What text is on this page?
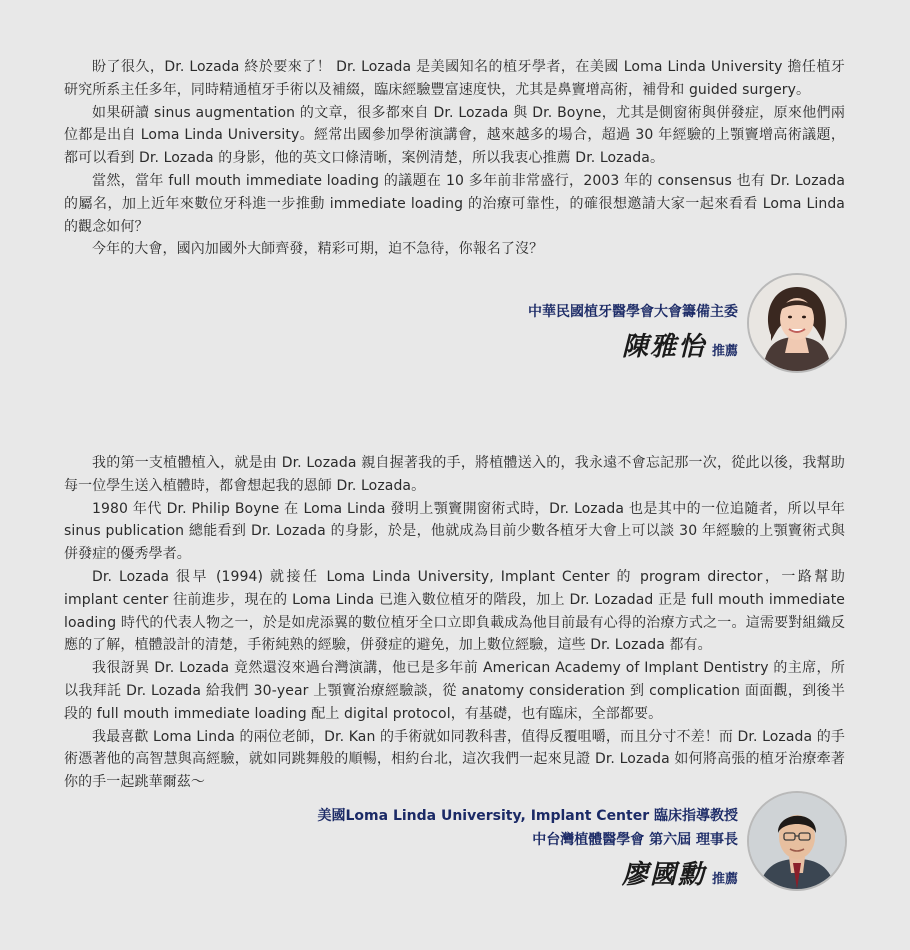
盼了很久，Dr. Lozada 終於要來了！ Dr. Lozada 是美國知名的植牙學者，在美國 Loma Linda University 擔任植牙研究所系主任多年，同時精通植牙手術以及補綴，臨床經驗豐富速度快，尤其是鼻竇增高術，補骨和 guided surgery。

如果研讀 sinus augmentation 的文章，很多都來自 Dr. Lozada 與 Dr. Boyne，尤其是側窗術與併發症，原來他們兩位都是出自 Loma Linda University。經常出國參加學術演講會，越來越多的場合，超過 30 年經驗的上顎竇增高術議題，都可以看到 Dr. Lozada 的身影，他的英文口條清晰，案例清楚，所以我衷心推薦 Dr. Lozada。

當然，當年 full mouth immediate loading 的議題在 10 多年前非常盛行，2003 年的 consensus 也有 Dr. Lozada 的屬名，加上近年來數位牙科進一步推動 immediate loading 的治療可靠性，的確很想邀請大家一起來看看 Loma Linda 的觀念如何？

今年的大會，國內加國外大師齊發，精彩可期，迫不急待，你報名了沒？

中華民國植牙醫學會大會籌備主委
陳雅怡 推薦

我的第一支植體植入，就是由 Dr. Lozada 親自握著我的手，將植體送入的，我永遠不會忘記那一次，從此以後，我幫助每一位學生送入植體時，都會想起我的恩師 Dr. Lozada。

1980 年代 Dr. Philip Boyne 在 Loma Linda 發明上顎竇開窗術式時，Dr. Lozada 也是其中的一位追隨者，所以早年 sinus publication 總能看到 Dr. Lozada 的身影，於是，他就成為目前少數各植牙大會上可以談 30 年經驗的上顎竇術式與併發症的優秀學者。

Dr. Lozada 很早 (1994) 就接任 Loma Linda University, Implant Center 的 program director，一路幫助 implant center 往前進步，現在的 Loma Linda 已進入數位植牙的階段，加上 Dr. Lozadad 正是 full mouth immediate loading 時代的代表人物之一，於是如虎添翼的數位植牙全口立即負載成為他目前最有心得的治療方式之一。這需要對組織反應的了解，植體設計的清楚，手術純熟的經驗，併發症的避免，加上數位經驗，這些 Dr. Lozada 都有。

我很訝異 Dr. Lozada 竟然還沒來過台灣演講，他已是多年前 American Academy of Implant Dentistry 的主席，所以我拜託 Dr. Lozada 給我們 30-year 上顎竇治療經驗談，從 anatomy consideration 到 complication 面面觀，到後半段的 full mouth immediate loading 配上 digital protocol，有基礎，也有臨床，全部都要。

我最喜歡 Loma Linda 的兩位老師，Dr. Kan 的手術就如同教科書，值得反覆咀嚼，而且分寸不差！而 Dr. Lozada 的手術憑著他的高智慧與高經驗，就如同跳舞般的順暢，相約台北，這次我們一起來見證 Dr. Lozada 如何將高張的植牙治療牽著你的手一起跳華爾茲～

美國Loma Linda University, Implant Center 臨床指導教授
中台灣植體醫學會 第六屆 理事長
廖國勳 推薦
